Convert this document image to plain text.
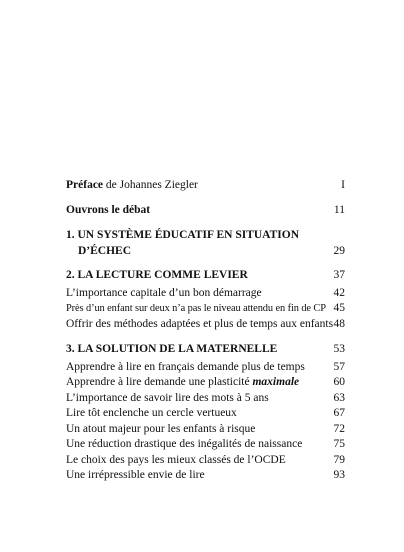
Préface de Johannes Ziegler	I
Ouvrons le débat	11
1. UN SYSTÈME ÉDUCATIF EN SITUATION
D’ÉCHEC	29
2. LA LECTURE COMME LEVIER	37
L’importance capitale d’un bon démarrage	42
Près d’un enfant sur deux n’a pas le niveau attendu en fin de CP 45
Offrir des méthodes adaptées et plus de temps aux enfants 48
3. LA SOLUTION DE LA MATERNELLE	53
Apprendre à lire en français demande plus de temps 57
Apprendre à lire demande une plasticité maximale	60
L’importance de savoir lire des mots à 5 ans	63
Lire tôt enclenche un cercle vertueux	67
Un atout majeur pour les enfants à risque	72
Une réduction drastique des inégalités de naissance	75
Le choix des pays les mieux classés de l’OCDE	79
Une irrépressible envie de lire	93
